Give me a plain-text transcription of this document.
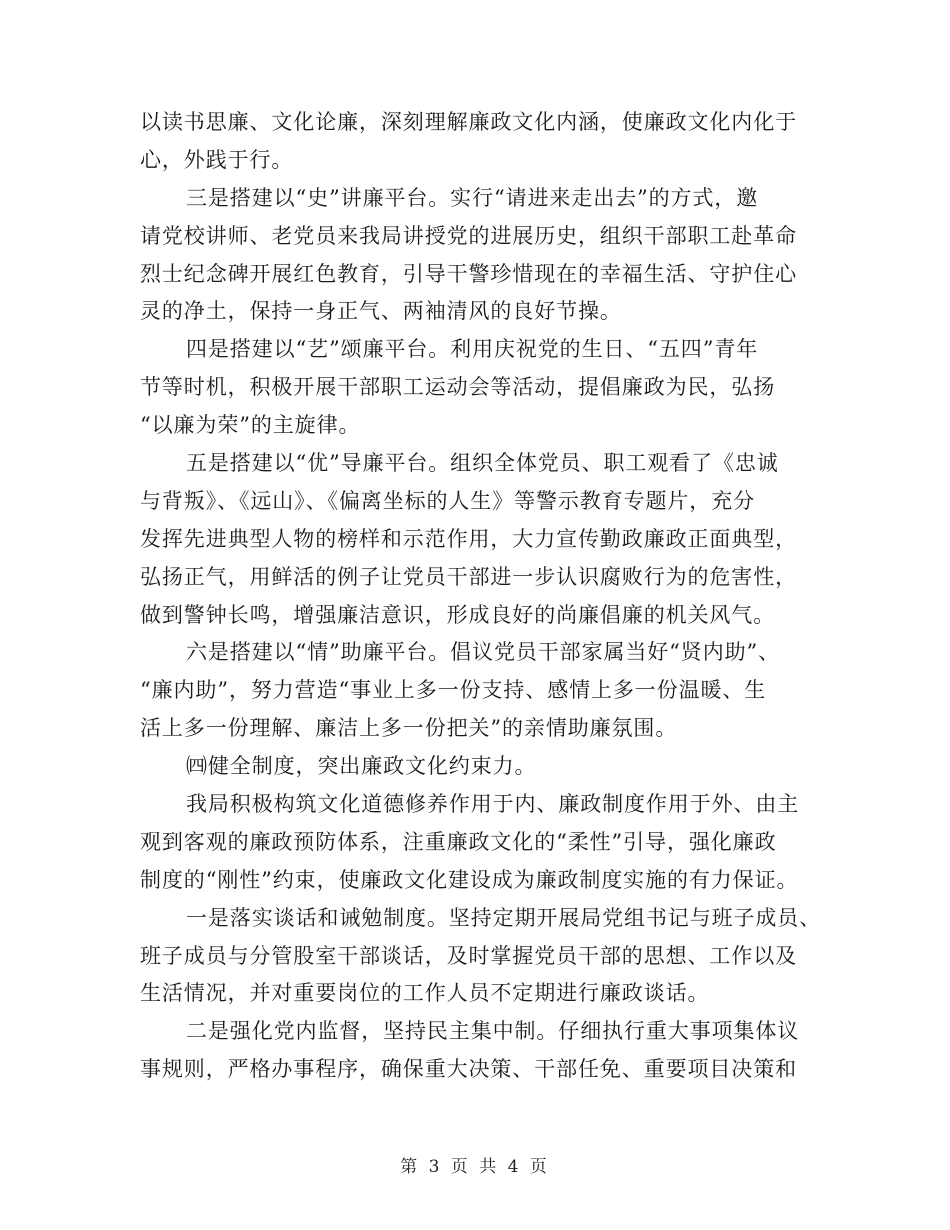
以读书思廉、文化论廉，深刻理解廉政文化内涵，使廉政文化内化于
心，外践于行。
三是搭建以“史”讲廉平台。实行“请进来走出去”的方式，邀
请党校讲师、老党员来我局讲授党的进展历史，组织干部职工赴革命
烈士纪念碑开展红色教育，引导干警珍惜现在的幸福生活、守护住心
灵的净土，保持一身正气、两袖清风的良好节操。
四是搭建以“艺”颂廉平台。利用庆祝党的生日、“五四”青年
节等时机，积极开展干部职工运动会等活动，提倡廉政为民，弘扬
“以廉为荣”的主旋律。
五是搭建以“优”导廉平台。组织全体党员、职工观看了《忠诚
与背叛》、《远山》、《偏离坐标的人生》等警示教育专题片，充分
发挥先进典型人物的榜样和示范作用，大力宣传勤政廉政正面典型，
弘扬正气，用鲜活的例子让党员干部进一步认识腐败行为的危害性，
做到警钟长鸣，增强廉洁意识，形成良好的尚廉倡廉的机关风气。
六是搭建以“情”助廉平台。倡议党员干部家属当好“贤内助”、
“廉内助”，努力营造“事业上多一份支持、感情上多一份温暖、生
活上多一份理解、廉洁上多一份把关”的亲情助廉氛围。
㈣健全制度，突出廉政文化约束力。
我局积极构筑文化道德修养作用于内、廉政制度作用于外、由主
观到客观的廉政预防体系，注重廉政文化的“柔性”引导，强化廉政
制度的“刚性”约束，使廉政文化建设成为廉政制度实施的有力保证。
一是落实谈话和诫勉制度。坚持定期开展局党组书记与班子成员、
班子成员与分管股室干部谈话，及时掌握党员干部的思想、工作以及
生活情况，并对重要岗位的工作人员不定期进行廉政谈话。
二是强化党内监督，坚持民主集中制。仔细执行重大事项集体议
事规则，严格办事程序，确保重大决策、干部任免、重要项目决策和
第 3 页 共 4 页
